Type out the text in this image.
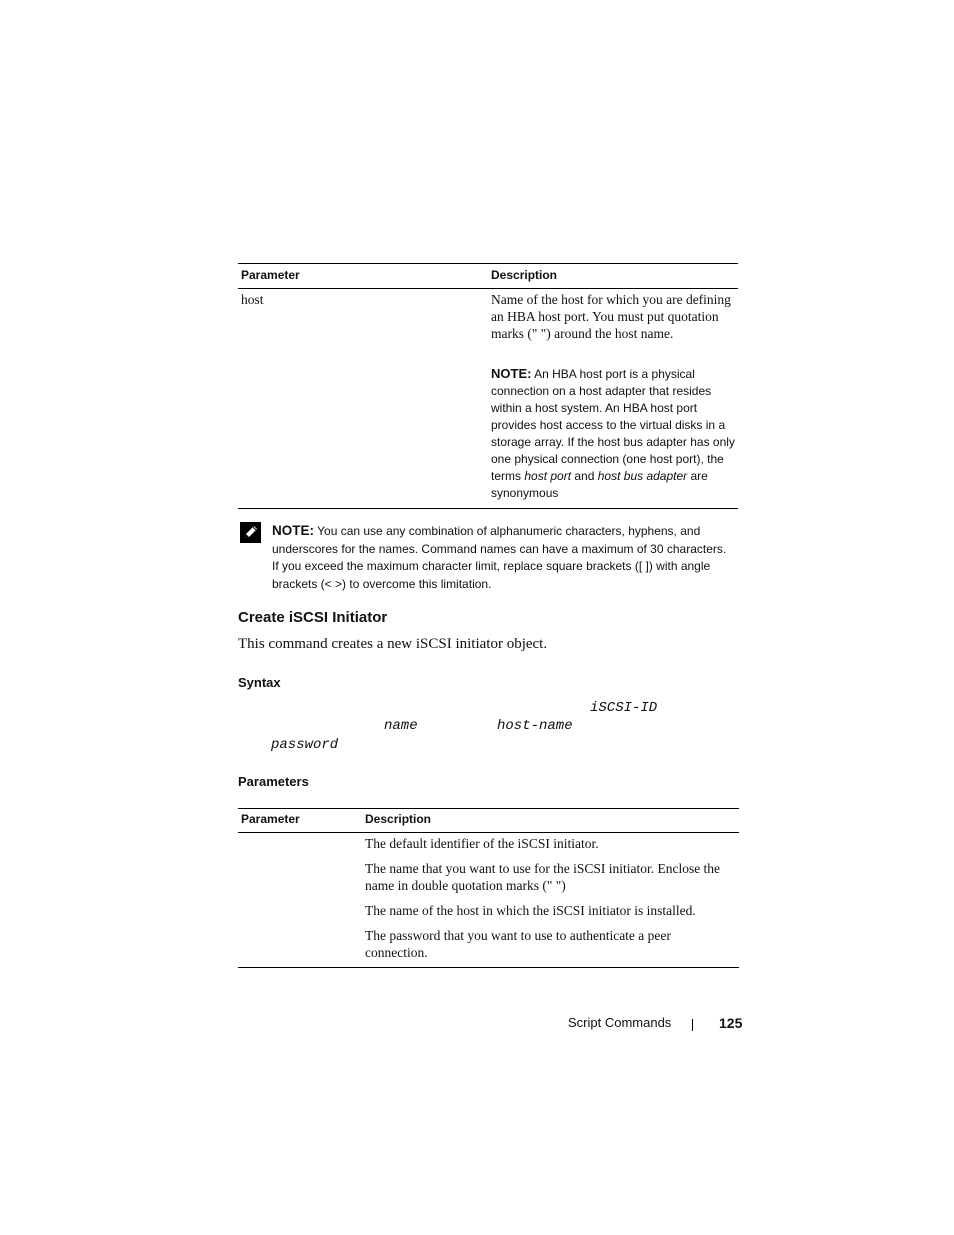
Parameter	Description
host	Name of the host for which you are defining an HBA host port. You must put quotation marks (" ") around the host name.
NOTE: An HBA host port is a physical connection on a host adapter that resides within a host system. An HBA host port provides host access to the virtual disks in a storage array. If the host bus adapter has only one physical connection (one host port), the terms host port and host bus adapter are synonymous
NOTE: You can use any combination of alphanumeric characters, hyphens, and underscores for the names. Command names can have a maximum of 30 characters. If you exceed the maximum character limit, replace square brackets ([ ]) with angle brackets (< >) to overcome this limitation.
Create iSCSI Initiator
This command creates a new iSCSI initiator object.
Syntax
iSCSI-ID
name	host-name
password
Parameters
Parameter	Description
The default identifier of the iSCSI initiator.
The name that you want to use for the iSCSI initiator. Enclose the name in double quotation marks (" ")
The name of the host in which the iSCSI initiator is installed.
The password that you want to use to authenticate a peer connection.
Script Commands	125
